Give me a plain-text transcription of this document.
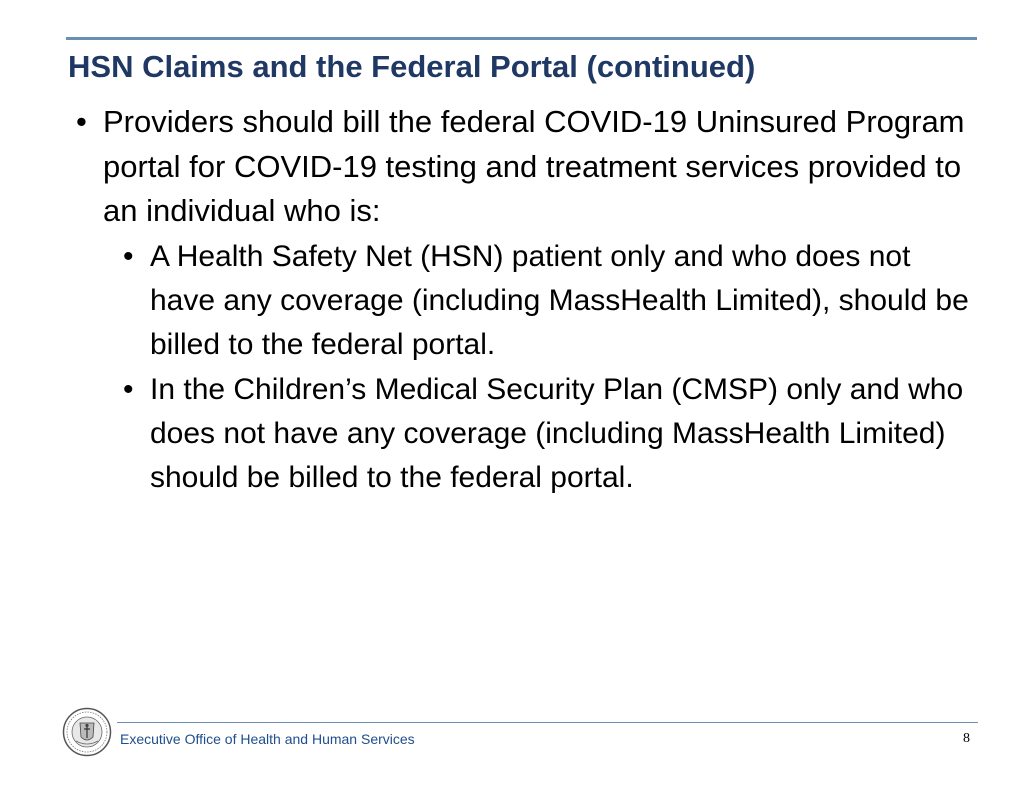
HSN Claims and the Federal Portal (continued)
• Providers should bill the federal COVID-19 Uninsured Program portal for COVID-19 testing and treatment services provided to an individual who is:
• A Health Safety Net (HSN) patient only and who does not have any coverage (including MassHealth Limited), should be billed to the federal portal.
• In the Children’s Medical Security Plan (CMSP) only and who does not have any coverage (including MassHealth Limited) should be billed to the federal portal.
Executive Office of Health and Human Services	8
